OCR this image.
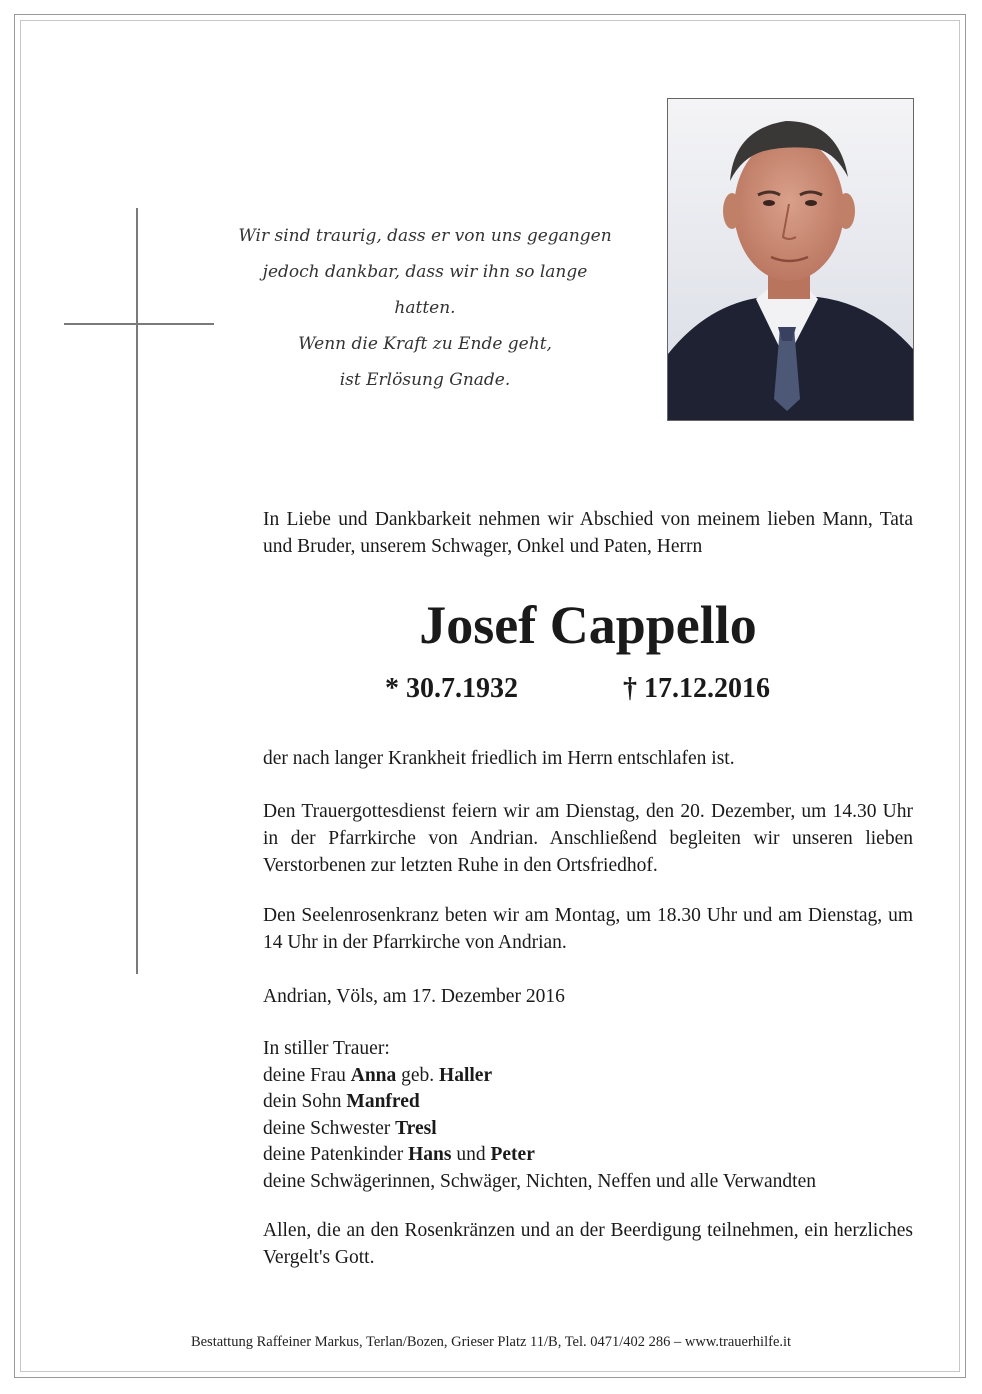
Wir sind traurig, dass er von uns gegangen
jedoch dankbar, dass wir ihn so lange hatten.
Wenn die Kraft zu Ende geht,
ist Erlösung Gnade.

In Liebe und Dankbarkeit nehmen wir Abschied von meinem lieben Mann, Tata und Bruder, unserem Schwager, Onkel und Paten, Herrn

Josef Cappello
* 30.7.1932	† 17.12.2016

der nach langer Krankheit friedlich im Herrn entschlafen ist.

Den Trauergottesdienst feiern wir am Dienstag, den 20. Dezember, um 14.30 Uhr in der Pfarrkirche von Andrian. Anschließend begleiten wir unseren lieben Verstorbenen zur letzten Ruhe in den Ortsfriedhof.

Den Seelenrosenkranz beten wir am Montag, um 18.30 Uhr und am Dienstag, um 14 Uhr in der Pfarrkirche von Andrian.

Andrian, Völs, am 17. Dezember 2016

In stiller Trauer:
deine Frau Anna geb. Haller
dein Sohn Manfred
deine Schwester Tresl
deine Patenkinder Hans und Peter
deine Schwägerinnen, Schwäger, Nichten, Neffen und alle Verwandten

Allen, die an den Rosenkränzen und an der Beerdigung teilnehmen, ein herzliches Vergelt's Gott.

Bestattung Raffeiner Markus, Terlan/Bozen, Grieser Platz 11/B, Tel. 0471/402 286 – www.trauerhilfe.it
